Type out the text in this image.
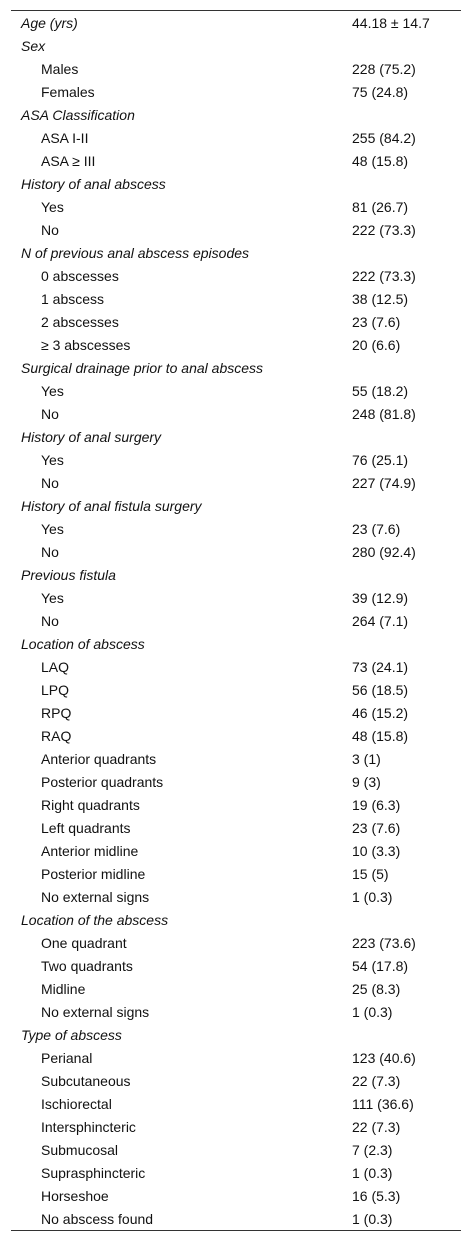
Age (yrs)	44.18 ± 14.7
Sex	
Males	228 (75.2)
Females	75 (24.8)
ASA Classification	
ASA I-II	255 (84.2)
ASA ≥ III	48 (15.8)
History of anal abscess	
Yes	81 (26.7)
No	222 (73.3)
N of previous anal abscess episodes	
0 abscesses	222 (73.3)
1 abscess	38 (12.5)
2 abscesses	23 (7.6)
≥ 3 abscesses	20 (6.6)
Surgical drainage prior to anal abscess	
Yes	55 (18.2)
No	248 (81.8)
History of anal surgery	
Yes	76 (25.1)
No	227 (74.9)
History of anal fistula surgery	
Yes	23 (7.6)
No	280 (92.4)
Previous fistula	
Yes	39 (12.9)
No	264 (7.1)
Location of abscess	
LAQ	73 (24.1)
LPQ	56 (18.5)
RPQ	46 (15.2)
RAQ	48 (15.8)
Anterior quadrants	3 (1)
Posterior quadrants	9 (3)
Right quadrants	19 (6.3)
Left quadrants	23 (7.6)
Anterior midline	10 (3.3)
Posterior midline	15 (5)
No external signs	1 (0.3)
Location of the abscess	
One quadrant	223 (73.6)
Two quadrants	54 (17.8)
Midline	25 (8.3)
No external signs	1 (0.3)
Type of abscess	
Perianal	123 (40.6)
Subcutaneous	22 (7.3)
Ischiorectal	111 (36.6)
Intersphincteric	22 (7.3)
Submucosal	7 (2.3)
Suprasphincteric	1 (0.3)
Horseshoe	16 (5.3)
No abscess found	1 (0.3)
